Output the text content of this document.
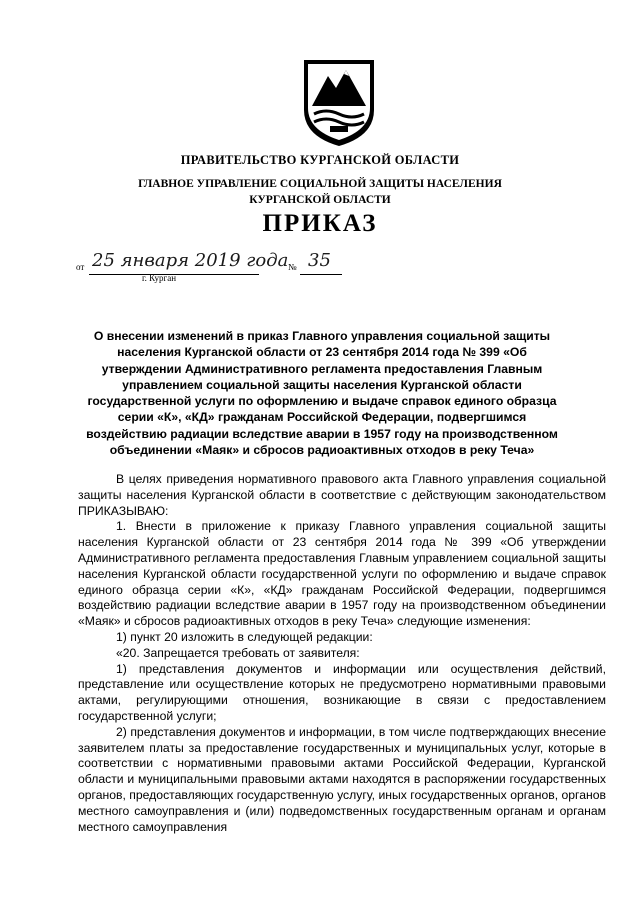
ПРАВИТЕЛЬСТВО КУРГАНСКОЙ ОБЛАСТИ
ГЛАВНОЕ УПРАВЛЕНИЕ СОЦИАЛЬНОЙ ЗАЩИТЫ НАСЕЛЕНИЯ
КУРГАНСКОЙ ОБЛАСТИ
ПРИКАЗ
от 25 января 2019 года № 35
г. Курган
О внесении изменений в приказ Главного управления социальной защиты населения Курганской области от 23 сентября 2014 года № 399 «Об утверждении Административного регламента предоставления Главным управлением социальной защиты населения Курганской области государственной услуги по оформлению и выдаче справок единого образца серии «К», «КД» гражданам Российской Федерации, подвергшимся воздействию радиации вследствие аварии в 1957 году на производственном объединении «Маяк» и сбросов радиоактивных отходов в реку Теча»

В целях приведения нормативного правового акта Главного управления социальной защиты населения Курганской области в соответствие с действующим законодательством ПРИКАЗЫВАЮ:

1. Внести в приложение к приказу Главного управления социальной защиты населения Курганской области от 23 сентября 2014 года № 399 «Об утверждении Административного регламента предоставления Главным управлением социальной защиты населения Курганской области государственной услуги по оформлению и выдаче справок единого образца серии «К», «КД» гражданам Российской Федерации, подвергшимся воздействию радиации вследствие аварии в 1957 году на производственном объединении «Маяк» и сбросов радиоактивных отходов в реку Теча» следующие изменения:

1) пункт 20 изложить в следующей редакции:

«20. Запрещается требовать от заявителя:

1) представления документов и информации или осуществления действий, представление или осуществление которых не предусмотрено нормативными правовыми актами, регулирующими отношения, возникающие в связи с предоставлением государственной услуги;

2) представления документов и информации, в том числе подтверждающих внесение заявителем платы за предоставление государственных и муниципальных услуг, которые в соответствии с нормативными правовыми актами Российской Федерации, Курганской области и муниципальными правовыми актами находятся в распоряжении государственных органов, предоставляющих государственную услугу, иных государственных органов, органов местного самоуправления и (или) подведомственных государственным органам и органам местного самоуправления
